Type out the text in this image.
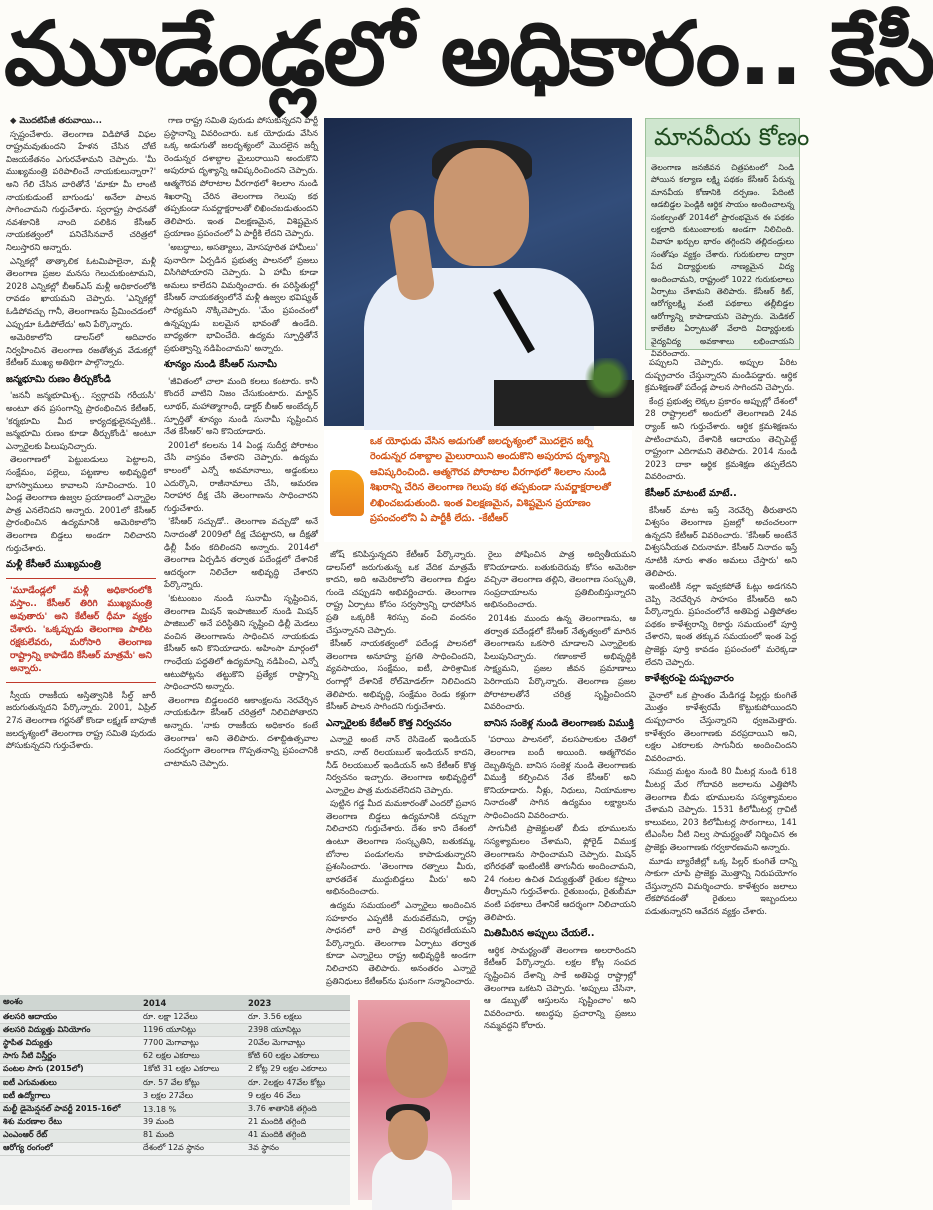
మూడేండ్లలో అధికారం.. కేసీ

◆ మొదటిపేజీ తరువాయి...

స్పష్టంచేశారు. తెలంగాణ విడిపోతే విఫల రాష్ట్రమవుతుందని హేళన చేసిన చోటే విజయకేతనం ఎగురవేశామని చెప్పారు. 'మీ ముఖ్యమంత్రి పరిపాలించే నాయకులున్నారా?' అని గేలి చేసిన వారితోనే 'మాకూ మీ లాంటి నాయకుడుంటే బాగుండు' అనేలా పాలన సాగించామని గుర్తుచేశారు. స్వరాష్ట్ర సాధనతో నవశకానికి నాంది పలికిన కేసీఆర్‌ నాయకత్వంలో పనిచేసినవారే చరిత్రలో నిలుస్తారని అన్నారు.

ఎన్నికల్లో తాత్కాలిక ఓటమిపాలైనా, మళ్లీ తెలంగాణ ప్రజల మనసు గెలుచుకుంటామని, 2028 ఎన్నికల్లో బీఆర్‌ఎస్‌ మళ్లీ అధికారంలోకి రావడం ఖాయమని చెప్పారు. 'ఎన్నికల్లో ఓడిపోవచ్చు గానీ, తెలంగాణను ప్రేమించడంలో ఎప్పుడూ ఓడిపోలేదు' అని పేర్కొన్నారు.

అమెరికాలోని డాలస్‌లో ఆదివారం నిర్వహించిన తెలంగాణ రజతోత్సవ వేడుకల్లో కేటీఆర్‌ ముఖ్య అతిథిగా పాల్గొన్నారు.

జన్మభూమి రుణం తీర్చుకోండి

'జననీ జన్మభూమిశ్చ.. స్వర్గాదపి గరీయసీ' అంటూ తన ప్రసంగాన్ని ప్రారంభించిన కేటీఆర్‌, 'కర్మభూమి మీద కార్యదక్షులైనప్పటికీ.. జన్మభూమి రుణం కూడా తీర్చుకోండి' అంటూ ఎన్నారైలకు పిలుపునిచ్చారు.

తెలంగాణలో పెట్టుబడులు పెట్టాలని, సంక్షేమం, పల్లెలు, పట్టణాల అభివృద్ధిలో భాగస్వాములు కావాలని సూచించారు. 10 ఏండ్ల తెలంగాణ ఉజ్వల ప్రయాణంలో ఎన్నారైల పాత్ర ఎనలేనిదని అన్నారు. 2001లో కేసీఆర్‌ ప్రారంభించిన ఉద్యమానికి అమెరికాలోని తెలంగాణ బిడ్డలు అండగా నిలిచారని గుర్తుచేశారు.

మళ్లీ కేసీఆరే ముఖ్యమంత్రి
'మూడేండ్లలో మళ్లీ అధికారంలోకి వస్తాం.. కేసీఆర్‌ తిరిగి ముఖ్యమంత్రి అవుతారు' అని కేటీఆర్‌ ధీమా వ్యక్తం చేశారు. 'ఒక్కప్పుడు తెలంగాణ పాలిట రక్షకులేవరు, మరోసారి తెలంగాణ రాష్ట్రాన్ని కాపాడేది కేసీఆర్‌ మాత్రమే' అని అన్నారు.

స్వీయ రాజకీయ అస్తిత్వానికి సీల్డ్‌ జారీ జరుగుతున్నదని పేర్కొన్నారు. 2001, ఏప్రిల్‌ 27న తెలంగాణ గర్జనతో కొండా లక్ష్మణ్‌ బాపూజీ జలదృశ్యంలో తెలంగాణ రాష్ట్ర సమితి పురుడు పోసుకున్నదని గుర్తుచేశారు.

గాణ రాష్ట్ర సమితి పురుడు పోసుకున్నదని పార్టీ ప్రస్థానాన్ని వివరించారు. ఒక యోధుడు వేసిన ఒక్క అడుగుతో జలదృశ్యంలో మొదలైన జర్నీ రెండున్నర దశాబ్దాల మైలురాయిని అందుకొని అపురూప దృశ్యాన్ని ఆవిష్కరించిందని చెప్పారు. ఆత్మగౌరవ పోరాటాల వీరగాథలో శిలలాం నుండి శిఖరాన్ని చేరిన తెలంగాణ గెలుపు కథ తప్పకుండా సువర్ణాక్షరాలతో లిఖించబడుతుందని తెలిపారు. ఇంత విలక్షణమైన, విశిష్టమైన ప్రయాణం ప్రపంచంలో ఏ పార్టీకి లేదని చెప్పారు.

'అబద్ధాలు, అసత్యాలు, మోసపూరిత హామీలు' పునాదిగా ఏర్పడిన ప్రభుత్వ పాలనలో ప్రజలు విసిగిపోయారని చెప్పారు. ఏ హామీ కూడా అమలు కాలేదని విమర్శించారు. ఈ పరిస్థితుల్లో కేసీఆర్‌ నాయకత్వంలోనే మళ్లీ ఉజ్వల భవిష్యత్‌ సాధ్యమని నొక్కిచెప్పారు. 'మేం ప్రపంచంలో ఉన్నప్పుడు బలమైన భావంతో ఉండేది. బాధ్యతగా భావించేది. ఉద్యమ స్ఫూర్తితోనే ప్రభుత్వాన్ని నడిపించామని' అన్నారు.

శూన్యం నుండి కేసీఆర్‌ సునామీ

'జీవితంలో చాలా మంది కలలు కంటారు. కానీ కొందరే వాటిని నిజం చేసుకుంటారు. మార్టిన్‌ లూథర్‌, మహాత్మాగాంధీ, డాక్టర్‌ బీఆర్‌ అంబేద్కర్‌ స్ఫూర్తితో శూన్యం నుండి సునామీ సృష్టించిన నేత కేసీఆర్‌' అని కొనియాడారు.

2001లో కలలను 14 ఏండ్ల సుదీర్ఘ పోరాటం చేసి వాస్తవం చేశారని చెప్పారు. ఉద్యమ కాలంలో ఎన్నో అవమానాలు, అడ్డంకులు ఎదుర్కొని, రాజీనామాలు చేసి, ఆమరణ నిరాహార దీక్ష చేసి తెలంగాణను సాధించారని గుర్తుచేశారు.

'కేసీఆర్‌ సచ్చుడో.. తెలంగాణ వచ్చుడో' అనే నినాదంతో 2009లో దీక్ష చేపట్టారని, ఆ దీక్షతో ఢిల్లీ పీఠం కదిలిందని అన్నారు. 2014లో తెలంగాణ ఏర్పడిన తర్వాత పదేండ్లలో దేశానికే ఆదర్శంగా నిలిచేలా అభివృద్ధి చేశారని పేర్కొన్నారు.

'కుటుంబం నుండి సునామీ సృష్టించిన, తెలంగాణ మిషన్‌ ఇంపాజిబుల్‌ నుండి మిషన్‌ పాజిబుల్‌' అనే పరిస్థితిని సృష్టించి ఢిల్లీ మెడలు వంచిన తెలంగాణను సాధించిన నాయకుడు కేసీఆర్‌ అని కొనియాడారు. అహింసా మార్గంలో గాంధేయ పద్ధతిలో ఉద్యమాన్ని నడిపించి, ఎన్నో ఆటుపోట్లను తట్టుకొని ప్రత్యేక రాష్ట్రాన్ని సాధించారని అన్నారు.

తెలంగాణ బిడ్డలందరి ఆకాంక్షలను నెరవేర్చిన నాయకుడిగా కేసీఆర్‌ చరిత్రలో నిలిచిపోతారని అన్నారు. 'నాకు రాజకీయ అధికారం కంటే తెలంగాణ' అని తెలిపారు. దశాబ్దిఉత్సవాల సందర్భంగా తెలంగాణ గొప్పతనాన్ని ప్రపంచానికి చాటామని చెప్పారు.

ఒక యోధుడు వేసిన అడుగుతో జలదృశ్యంలో మొదలైన జర్నీ రెండున్నర దశాబ్దాల మైలురాయిని అందుకొని అపురూప దృశ్యాన్ని ఆవిష్కరించింది. ఆత్మగౌరవ పోరాటాల వీరగాథలో శిలలాం నుండి శిఖరాన్ని చేరిన తెలంగాణ గెలుపు కథ తప్పకుండా సువర్ణాక్షరాలతో లిఖించబడుతుంది. ఇంత విలక్షణమైన, విశిష్టమైన ప్రయాణం ప్రపంచంలోని ఏ పార్టీకీ లేదు. -కేటీఆర్‌

జోష్‌ కనిపిస్తున్నదని కేటీఆర్‌ పేర్కొన్నారు. డాలస్‌లో జరుగుతున్న ఒక వేదిక మాత్రమే కాదని, అది అమెరికాలోని తెలంగాణ బిడ్డల గుండె చప్పుడని అభివర్ణించారు. తెలంగాణ రాష్ట్ర ఏర్పాటు కోసం సర్వస్వాన్ని ధారపోసిన ప్రతి ఒక్కరికీ శిరస్సు వంచి వందనం చేస్తున్నానని చెప్పారు.

కేసీఆర్‌ నాయకత్వంలో పదేండ్ల పాలనలో తెలంగాణ అనూహ్య ప్రగతి సాధించిందని, వ్యవసాయం, సంక్షేమం, ఐటీ, పారిశ్రామిక రంగాల్లో దేశానికే రోల్‌మోడల్‌గా నిలిచిందని తెలిపారు. అభివృద్ధి, సంక్షేమం రెండు కళ్లుగా కేసీఆర్‌ పాలన సాగిందని గుర్తుచేశారు.

ఎన్నారైలకు కేటీఆర్‌ కొత్త నిర్వచనం

ఎన్నారై అంటే నాన్‌ రెసిడెంట్‌ ఇండియన్‌ కాదని, నాట్‌ రిలయబుల్‌ ఇండియన్‌ కాదని, నీడ్‌ రిలయబుల్‌ ఇండియన్‌ అని కేటీఆర్‌ కొత్త నిర్వచనం ఇచ్చారు. తెలంగాణ అభివృద్ధిలో ఎన్నారైల పాత్ర మరువలేనిదని చెప్పారు.

పుట్టిన గడ్డ మీద మమకారంతో ఎందరో ప్రవాస తెలంగాణ బిడ్డలు ఉద్యమానికి దన్నుగా నిలిచారని గుర్తుచేశారు. దేశం కాని దేశంలో ఉంటూ తెలంగాణ సంస్కృతిని, బతుకమ్మ, బోనాల పండుగలను కాపాడుతున్నారని ప్రశంసించారు. 'తెలంగాణ రత్నాలు మీరు, భారతదేశ ముద్దుబిడ్డలు మీరు' అని అభినందించారు.

ఉద్యమ సమయంలో ఎన్నారైలు అందించిన సహకారం ఎప్పటికీ మరువలేమని, రాష్ట్ర సాధనలో వారి పాత్ర చిరస్మరణీయమని పేర్కొన్నారు. తెలంగాణ ఏర్పాటు తర్వాత కూడా ఎన్నారైలు రాష్ట్ర అభివృద్ధికి అండగా నిలిచారని తెలిపారు. అనంతరం ఎన్నారై ప్రతినిధులు కేటీఆర్‌ను ఘనంగా సన్మానించారు.

రైలు పోషించిన పాత్ర అద్వితీయమని కొనియాడారు. బతుకుదెరువు కోసం అమెరికా వచ్చినా తెలంగాణ తల్లిని, తెలంగాణ సంస్కృతి, సంప్రదాయాలను ప్రతిబింబిస్తున్నారని అభినందించారు.

2014కు ముందు ఉన్న తెలంగాణను, ఆ తర్వాత పదేండ్లలో కేసీఆర్‌ నేతృత్వంలో మారిన తెలంగాణను ఒకసారి చూడాలని ఎన్నారైలకు పిలుపునిచ్చారు. గణాంకాలే అభివృద్ధికి సాక్ష్యమని, ప్రజల జీవన ప్రమాణాలు పెరిగాయని పేర్కొన్నారు. తెలంగాణ ప్రజల పోరాటాలతోనే చరిత్ర సృష్టించిందని వివరించారు.

బానిస సంకెళ్ల నుండి తెలంగాణకు విముక్తి

'పరాయి పాలనలో, వలసపాలకుల చేతిలో తెలంగాణ బందీ అయింది. ఆత్మగౌరవం దెబ్బతిన్నది. బానిస సంకెళ్ల నుండి తెలంగాణకు విముక్తి కల్పించిన నేత కేసీఆర్‌' అని కొనియాడారు. నీళ్లు, నిధులు, నియామకాల నినాదంతో సాగిన ఉద్యమం లక్ష్యాలను సాధించిందని వివరించారు.

సాగునీటి ప్రాజెక్టులతో బీడు భూములను సస్యశ్యామలం చేశామని, ఫ్లోరైడ్‌ విముక్త తెలంగాణను సాధించామని చెప్పారు. మిషన్‌ భగీరథతో ఇంటింటికీ తాగునీరు అందించామని, 24 గంటల ఉచిత విద్యుత్తుతో రైతుల కష్టాలు తీర్చామని గుర్తుచేశారు. రైతుబంధు, రైతుబీమా వంటి పథకాలు దేశానికే ఆదర్శంగా నిలిచాయని తెలిపారు.

మితిమీరిన అప్పులు చేయలే..

ఆర్థిక సామర్థ్యంతో తెలంగాణ అలరారిందని కేటీఆర్‌ పేర్కొన్నారు. లక్షల కోట్ల సంపద సృష్టించిన దేశాన్ని సాకే అతిపెద్ద రాష్ట్రాల్లో తెలంగాణ ఒకటని చెప్పారు. 'అప్పులు చేసినా, ఆ డబ్బుతో ఆస్తులను సృష్టించాం' అని వివరించారు. అబద్ధపు ప్రచారాన్ని ప్రజలు నమ్మవద్దని కోరారు.

మానవీయ కోణం
తెలంగాణ జనజీవన చిత్రపటంలో నిండి పోయిన కల్యాణ లక్ష్మి పథకం కేసీఆర్‌ పేరున్న మానవీయ కోణానికి దర్పణం. పేదింటి ఆడబిడ్డల పెండ్లికి ఆర్థిక సాయం అందించాలన్న సంకల్పంతో 2014లో ప్రారంభమైన ఈ పథకం లక్షలాది కుటుంబాలకు అండగా నిలిచింది. వివాహ ఖర్చుల భారం తగ్గిందని తల్లిదండ్రులు సంతోషం వ్యక్తం చేశారు. గురుకులాల ద్వారా పేద విద్యార్థులకు నాణ్యమైన విద్య అందించామని, రాష్ట్రంలో 1022 గురుకులాలు ఏర్పాటు చేశామని తెలిపారు. కేసీఆర్‌ కిట్‌, ఆరోగ్యలక్ష్మి వంటి పథకాలు తల్లీబిడ్డల ఆరోగ్యాన్ని కాపాడాయని చెప్పారు. మెడికల్‌ కాలేజీల ఏర్పాటుతో వేలాది విద్యార్థులకు వైద్యవిద్య అవకాశాలు లభించాయని వివరించారు.

పప్పులని చెప్పారు. అప్పుల పేరిట దుష్ప్రచారం చేస్తున్నారని మండిపడ్డారు. ఆర్థిక క్రమశిక్షణతో పదేండ్ల పాలన సాగిందని చెప్పారు.

కేంద్ర ప్రభుత్వ లెక్కల ప్రకారం అప్పుల్లో దేశంలో 28 రాష్ట్రాలలో అందులో తెలంగాణది 24వ ర్యాంక్‌ అని గుర్తుచేశారు. ఆర్థిక క్రమశిక్షణను పాటించామని, దేశానికి ఆదాయం తెచ్చిపెట్టే రాష్ట్రంగా ఎదిగామని తెలిపారు. 2014 నుండి 2023 దాకా ఆర్థిక క్రమశిక్షణ తప్పలేదని వివరించారు.

కేసీఆర్‌ మాటంటే మాటే..

కేసీఆర్‌ మాట ఇస్తే నెరవేర్చి తీరుతారని విశ్వసం తెలంగాణ ప్రజల్లో అచంచలంగా ఉన్నదని కేటీఆర్‌ వివరించారు. 'కేసీఆర్‌ అంటేనే విశ్వసనీయత చిరునామా. కేసీఆర్‌ నినాదం ఇస్తే నూటికి నూరు శాతం అమలు చేస్తారు' అని తెలిపారు.

ఇంటింటికీ నల్లా ఇవ్వకపోతే ఓట్లు అడగనని చెప్పి నెరవేర్చిన సాహసం కేసీఆర్‌ది అని పేర్కొన్నారు. ప్రపంచంలోనే అతిపెద్ద ఎత్తిపోతల పథకం కాళేశ్వరాన్ని రికార్డు సమయంలో పూర్తి చేశారని, ఇంత తక్కువ సమయంలో ఇంత పెద్ద ప్రాజెక్టు పూర్తి కావడం ప్రపంచంలో మరెక్కడా లేదని చెప్పారు.

కాళేశ్వరంపై దుష్ప్రచారం

వైనాలో ఒక ప్రాంతం మేడిగడ్డ పిల్లర్లు కుంగితే మొత్తం కాళేశ్వరమే కొట్టుకుపోయిందని దుష్ప్రచారం చేస్తున్నారని ధ్వజమెత్తారు. కాళేశ్వరం తెలంగాణకు వరప్రదాయిని అని, లక్షల ఎకరాలకు సాగునీరు అందించిందని వివరించారు.

సముద్ర మట్టం నుండి 80 మీటర్ల నుండి 618 మీటర్ల మేర గోదావరి జలాలను ఎత్తిపోసి తెలంగాణ బీడు భూములను సస్యశ్యామలం చేశామని చెప్పారు. 1531 కిలోమీటర్ల గ్రావిటీ కాలువలు, 203 కిలోమీటర్ల సొరంగాలు, 141 టీఎంసీల నీటి నిల్వ సామర్థ్యంతో నిర్మించిన ఈ ప్రాజెక్టు తెలంగాణకు గర్వకారణమని అన్నారు.

మూడు బ్యారేజీల్లో ఒక్క పిల్లర్‌ కుంగితే దాన్ని సాకుగా చూపి ప్రాజెక్టు మొత్తాన్ని నిరుపయోగం చేస్తున్నారని విమర్శించారు. కాళేశ్వరం జలాలు లేకపోవడంతో రైతులు ఇబ్బందులు పడుతున్నారని ఆవేదన వ్యక్తం చేశారు.

అంశం	2014	2023
తలసరి ఆదాయం	రూ. లక్షా 12వేలు	రూ. 3.56 లక్షలు
తలసరి విద్యుత్తు వినియోగం	1196 యూనిట్లు	2398 యూనిట్లు
స్థాపిత విద్యుత్తు	7700 మెగావాట్లు	20వేల మెగావాట్లు
సాగు నీటి విస్తీర్ణం	62 లక్షల ఎకరాలు	కోటి 60 లక్షల ఎకరాలు
పంటల సాగు (2015లో)	1కోటి 31 లక్షల ఎకరాలు	2 కోట్ల 29 లక్షల ఎకరాలు
ఐటీ ఎగుమతులు	రూ. 57 వేల కోట్లు	రూ. 2లక్షల 47వేల కోట్లు
ఐటీ ఉద్యోగాలు	3 లక్షల 27వేలు	9 లక్షల 46 వేలు
మల్టీ డైమెన్షనల్‌ పావర్టీ 2015-16లో	13.18 %	3.76 శాతానికి తగ్గింది
శిశు మరణాల రేటు	39 మంది	21 మందికి తగ్గింది
ఎంఎంఆర్‌ రేట్‌	81 మంది	41 మందికి తగ్గింది
ఆరోగ్య రంగంలో	దేశంలో 12వ స్థానం	3వ స్థానం
